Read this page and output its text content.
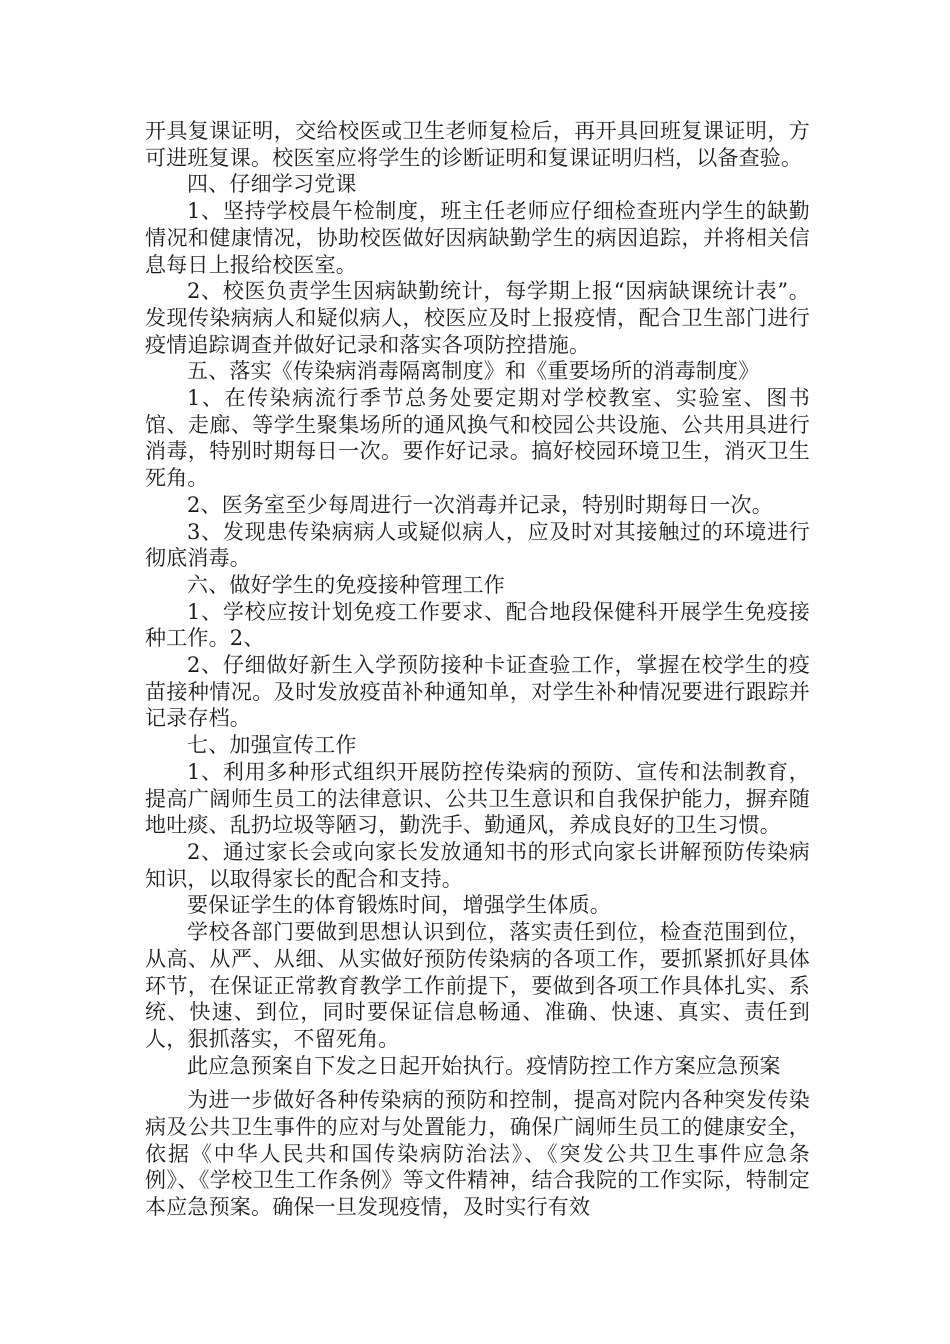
开具复课证明，交给校医或卫生老师复检后，再开具回班复课证明，方可进班复课。校医室应将学生的诊断证明和复课证明归档，以备查验。

四、仔细学习党课

1、坚持学校晨午检制度，班主任老师应仔细检查班内学生的缺勤情况和健康情况，协助校医做好因病缺勤学生的病因追踪，并将相关信息每日上报给校医室。

2、校医负责学生因病缺勤统计，每学期上报“因病缺课统计表”。发现传染病病人和疑似病人，校医应及时上报疫情，配合卫生部门进行疫情追踪调查并做好记录和落实各项防控措施。

五、落实《传染病消毒隔离制度》和《重要场所的消毒制度》

1、在传染病流行季节总务处要定期对学校教室、实验室、图书馆、走廊、等学生聚集场所的通风换气和校园公共设施、公共用具进行消毒，特别时期每日一次。要作好记录。搞好校园环境卫生，消灭卫生死角。

2、医务室至少每周进行一次消毒并记录，特别时期每日一次。

3、发现患传染病病人或疑似病人，应及时对其接触过的环境进行彻底消毒。

六、做好学生的免疫接种管理工作

1、学校应按计划免疫工作要求、配合地段保健科开展学生免疫接种工作。2、

2、仔细做好新生入学预防接种卡证查验工作，掌握在校学生的疫苗接种情况。及时发放疫苗补种通知单，对学生补种情况要进行跟踪并记录存档。

七、加强宣传工作

1、利用多种形式组织开展防控传染病的预防、宣传和法制教育，提高广阔师生员工的法律意识、公共卫生意识和自我保护能力，摒弃随地吐痰、乱扔垃圾等陋习，勤洗手、勤通风，养成良好的卫生习惯。

2、通过家长会或向家长发放通知书的形式向家长讲解预防传染病知识，以取得家长的配合和支持。

要保证学生的体育锻炼时间，增强学生体质。

学校各部门要做到思想认识到位，落实责任到位，检查范围到位，从高、从严、从细、从实做好预防传染病的各项工作，要抓紧抓好具体环节，在保证正常教育教学工作前提下，要做到各项工作具体扎实、系统、快速、到位，同时要保证信息畅通、准确、快速、真实、责任到人，狠抓落实，不留死角。

此应急预案自下发之日起开始执行。疫情防控工作方案应急预案

为进一步做好各种传染病的预防和控制，提高对院内各种突发传染病及公共卫生事件的应对与处置能力，确保广阔师生员工的健康安全，依据《中华人民共和国传染病防治法》、《突发公共卫生事件应急条例》、《学校卫生工作条例》等文件精神，结合我院的工作实际，特制定本应急预案。确保一旦发现疫情，及时实行有效
